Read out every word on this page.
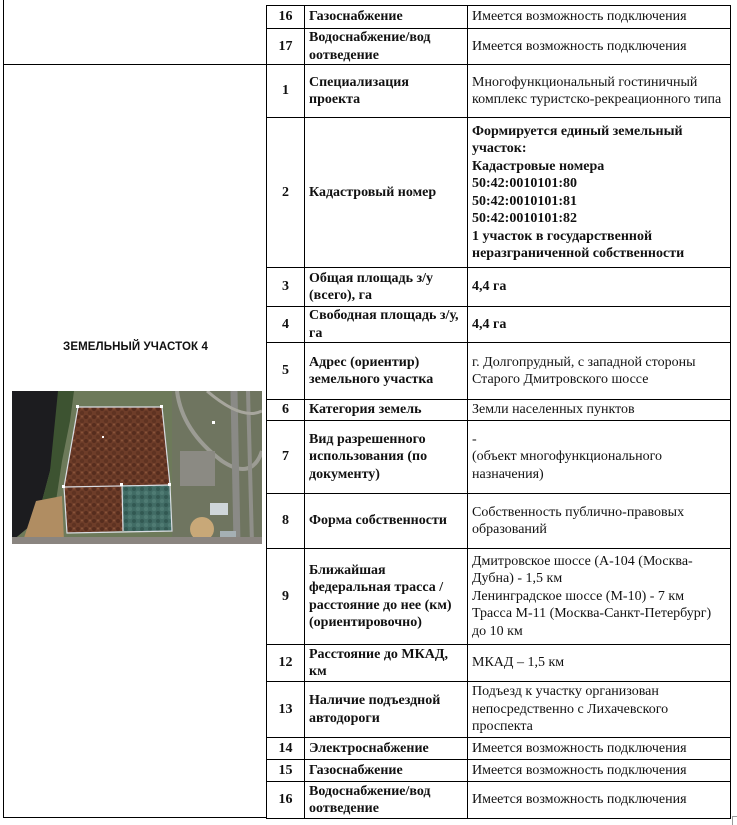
ЗЕМЕЛЬНЫЙ УЧАСТОК 4
16	Газоснабжение	Имеется возможность подключения
17	Водоснабжение/вод
оотведение	Имеется возможность подключения
1	Специализация проекта	Многофункциональный гостиничный комплекс туристско-рекреационного типа
2	Кадастровый номер	
Формируется единый земельный участок:
Кадастровые номера
50:42:0010101:80
50:42:0010101:81
50:42:0010101:82
1 участок в государственной неразграниченной собственности

3	Общая площадь з/у (всего), га	4,4 га
4	Свободная площадь з/у, га	4,4 га
5	Адрес (ориентир) земельного участка	г. Долгопрудный, с западной стороны Старого Дмитровского шоссе
6	Категория земель	Земли населенных пунктов
7	Вид разрешенного использования (по документу)	-
(объект многофункционального назначения)

8	Форма собственности	Собственность публично-правовых образований
9	Ближайшая федеральная трасса / расстояние до нее (км) (ориентировочно)	Дмитровское шоссе (А-104 (Москва-Дубна) - 1,5 км
Ленинградское шоссе (М-10) - 7 км
Трасса М-11 (Москва-Санкт-Петербург) до 10 км

12	Расстояние до МКАД, км	МКАД – 1,5 км
13	Наличие подъездной автодороги	Подъезд к участку организован непосредственно с Лихачевского проспекта
14	Электроснабжение	Имеется возможность подключения
15	Газоснабжение	Имеется возможность подключения
16	Водоснабжение/вод
оотведение	Имеется возможность подключения
